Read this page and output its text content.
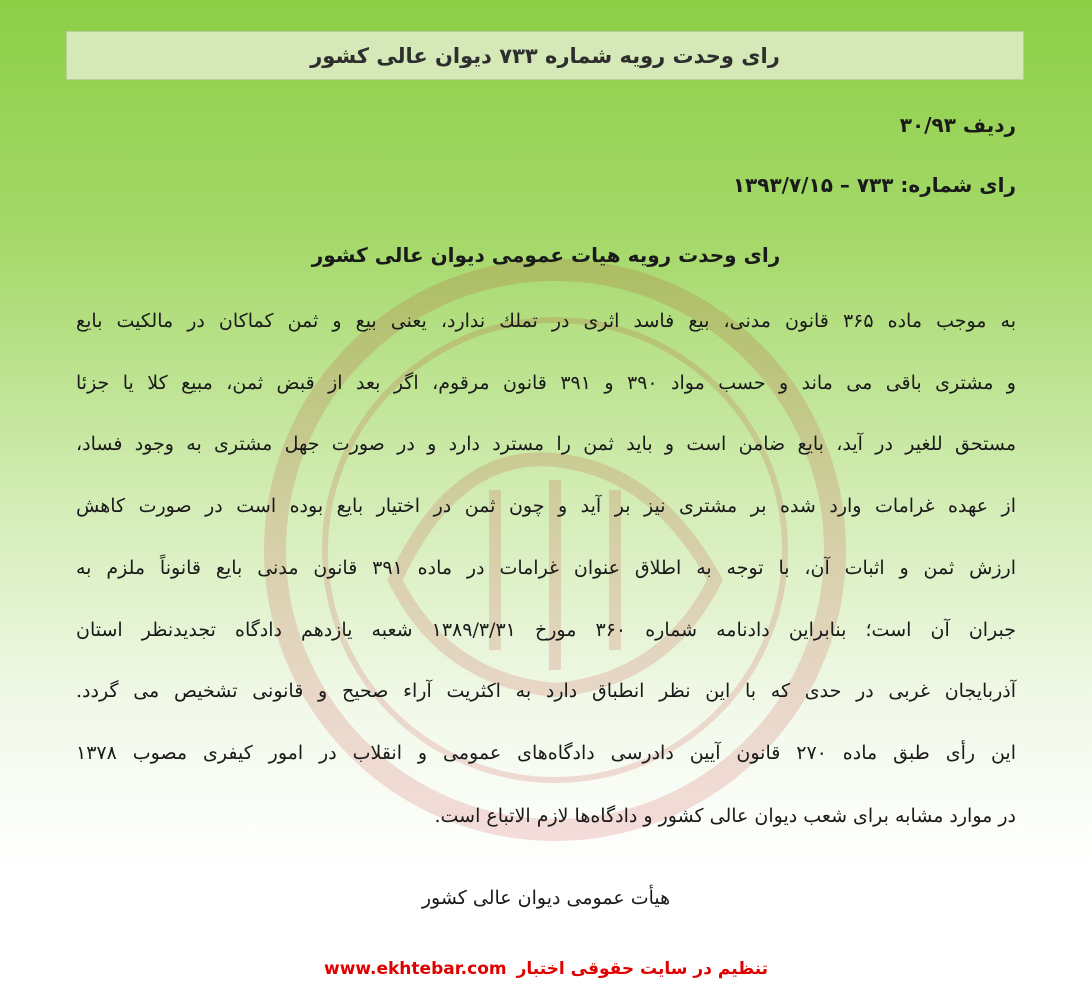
رای وحدت رویه شماره ۷۳۳ دیوان عالی کشور
ردیف ۳۰/۹۳
رای شماره: ۷۳۳ – ۱۳۹۳/۷/۱۵
رای وحدت رویه هیات عمومی دیوان عالی کشور
به موجب ماده ۳۶۵ قانون مدنی، بیع فاسد اثری در تملك ندارد، یعنی بیع و ثمن کماکان در مالکیت بایع
و مشتری باقی می ماند و حسب مواد ۳۹۰ و ۳۹۱ قانون مرقوم، اگر بعد از قبض ثمن، مبیع کلا یا جزئا
مستحق للغیر در آید، بایع ضامن است و باید ثمن را مسترد دارد و در صورت جهل مشتری به وجود فساد،
از عهده غرامات وارد شده بر مشتری نیز بر آید و چون ثمن در اختیار بایع بوده است در صورت کاهش
ارزش ثمن و اثبات آن، با توجه به اطلاق عنوان غرامات در ماده ۳۹۱ قانون مدنی بایع قانوناً ملزم به
جبران آن است؛ بنابراین دادنامه شماره ۳۶۰ مورخ ۱۳۸۹/۳/۳۱ شعبه یازدهم دادگاه تجدیدنظر استان
آذربایجان غربی در حدی که با این نظر انطباق دارد به اکثریت آراء صحیح و قانونی تشخیص می گردد.
این رأی طبق ماده ۲۷۰ قانون آیین دادرسی دادگاه‌های عمومی و انقلاب در امور کیفری مصوب ۱۳۷۸
در موارد مشابه برای شعب دیوان عالی کشور و دادگاه‌ها لازم الاتباع است.
هیأت عمومی دیوان عالی کشور
تنظیم در سایت حقوقی اختبار
www.ekhtebar.com
